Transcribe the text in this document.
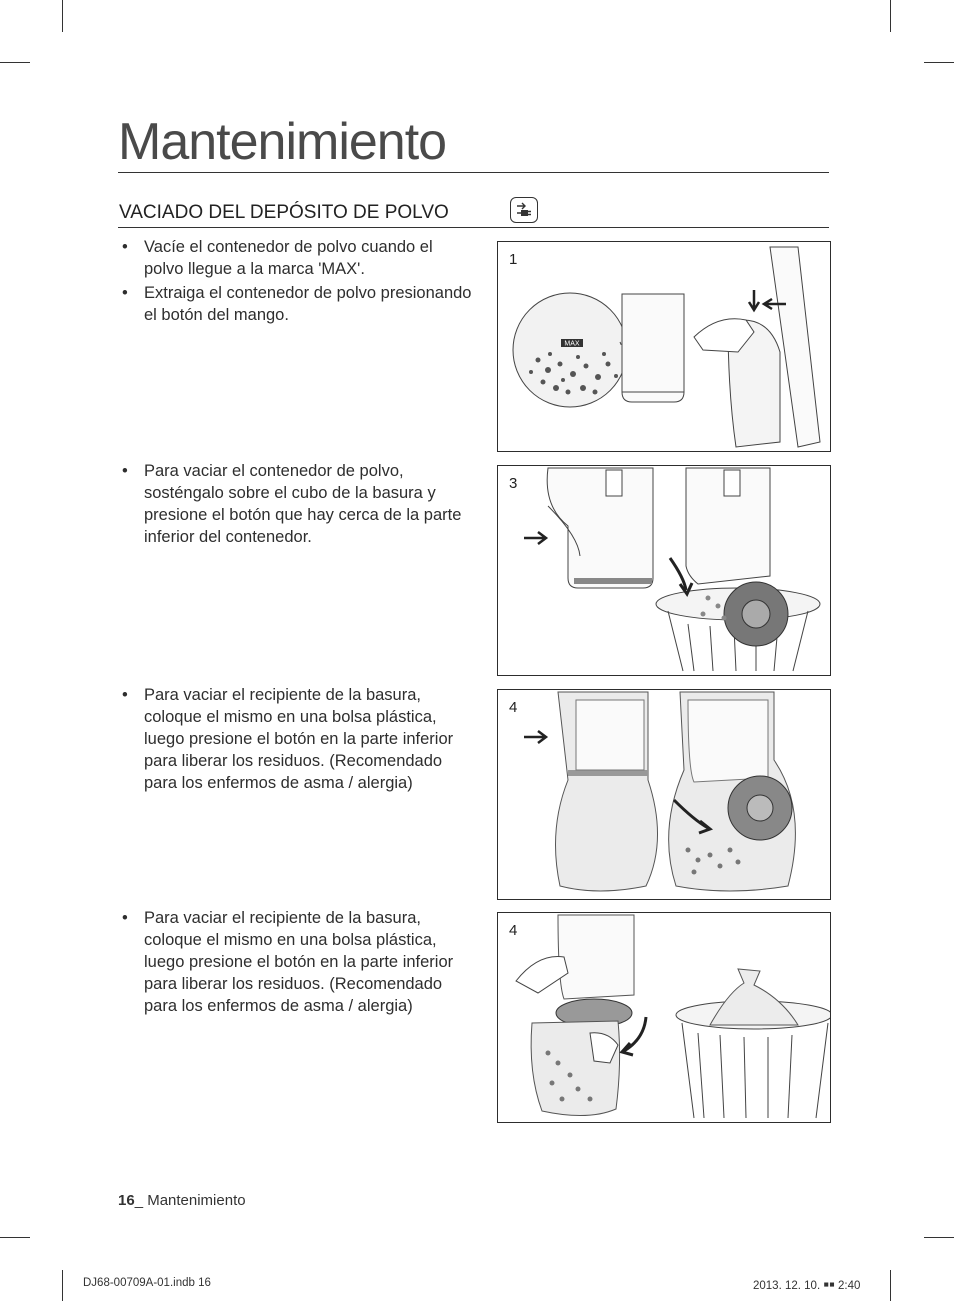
Mantenimiento
VACIADO DEL DEPÓSITO DE POLVO
• Vacíe el contenedor de polvo cuando el polvo llegue a la marca 'MAX'.
• Extraiga el contenedor de polvo presionando el botón del mango.
MAX
1
• Para vaciar el contenedor de polvo, sosténgalo sobre el cubo de la basura y presione el botón que hay cerca de la parte inferior del contenedor.
3
• Para vaciar el recipiente de la basura, coloque el mismo en una bolsa plástica, luego presione el botón en la parte inferior para liberar los residuos. (Recomendado para los enfermos de asma / alergia)
4
• Para vaciar el recipiente de la basura, coloque el mismo en una bolsa plástica, luego presione el botón en la parte inferior para liberar los residuos. (Recomendado para los enfermos de asma / alergia)
4
16_ Mantenimiento
DJ68-00709A-01.indb 16	2013. 12. 10. ￭￭ 2:40
